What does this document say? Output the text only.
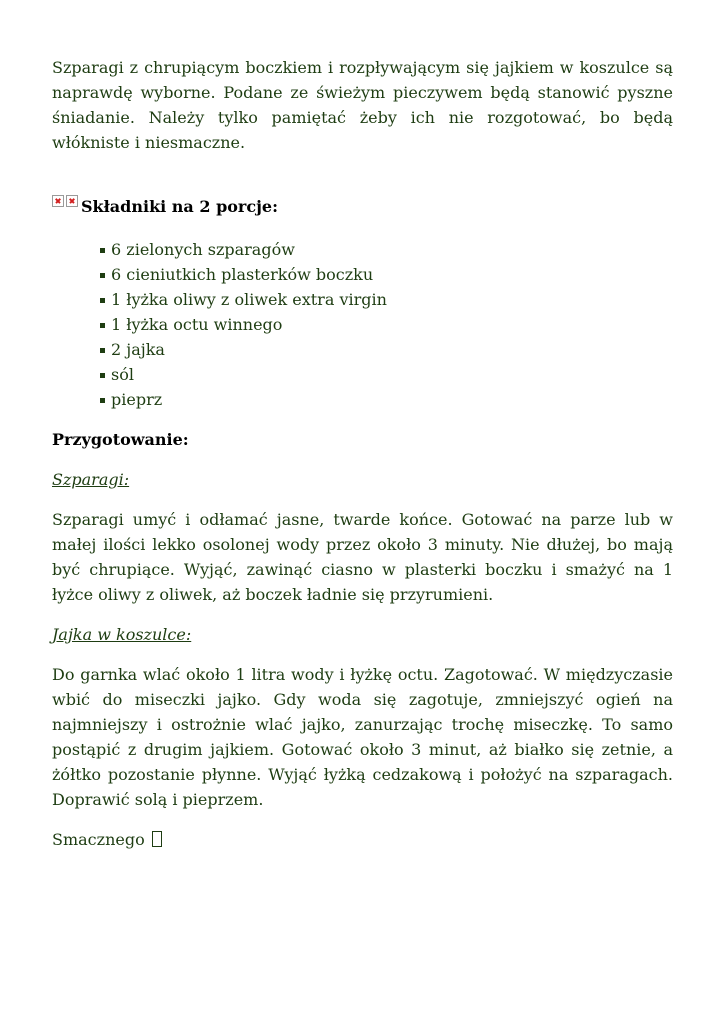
Szparagi z chrupiącym boczkiem i rozpływającym się jajkiem w koszulce są naprawdę wyborne. Podane ze świeżym pieczywem będą stanowić pyszne śniadanie. Należy tylko pamiętać żeby ich nie rozgotować, bo będą włókniste i niesmaczne.

Składniki na 2 porcje:
6 zielonych szparagów
6 cieniutkich plasterków boczku
1 łyżka oliwy z oliwek extra virgin
1 łyżka octu winnego
2 jajka
sól
pieprz

Przygotowanie:

Szparagi:

Szparagi umyć i odłamać jasne, twarde końce. Gotować na parze lub w małej ilości lekko osolonej wody przez około 3 minuty. Nie dłużej, bo mają być chrupiące. Wyjąć, zawinąć ciasno w plasterki boczku i smażyć na 1 łyżce oliwy z oliwek, aż boczek ładnie się przyrumieni.

Jajka w koszulce:

Do garnka wlać około 1 litra wody i łyżkę octu. Zagotować. W międzyczasie wbić do miseczki jajko. Gdy woda się zagotuje, zmniejszyć ogień na najmniejszy i ostrożnie wlać jajko, zanurzając trochę miseczkę. To samo postąpić z drugim jajkiem. Gotować około 3 minut, aż białko się zetnie, a żółtko pozostanie płynne. Wyjąć łyżką cedzakową i położyć na szparagach. Doprawić solą i pieprzem.

Smacznego
